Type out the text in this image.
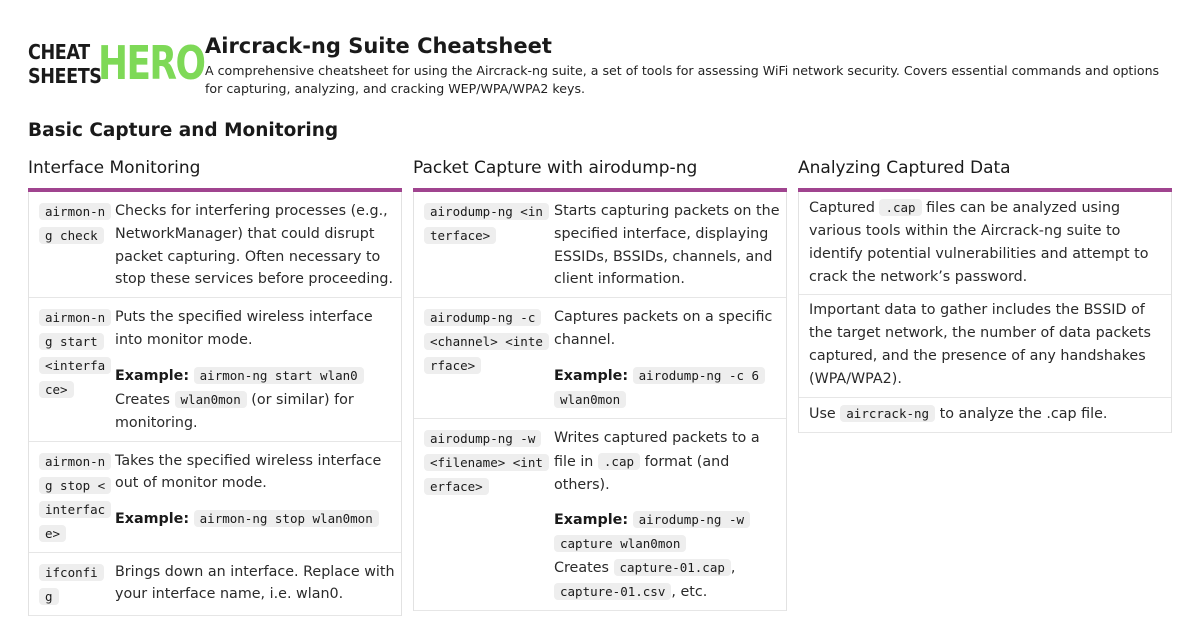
CHEAT
SHEETS
HERO Aircrack-ng Suite Cheatsheet
A comprehensive cheatsheet for using the Aircrack-ng suite, a set of tools for assessing WiFi network security. Covers essential commands and options for capturing, analyzing, and cracking WEP/WPA/WPA2 keys.
Basic Capture and Monitoring
Interface Monitoring
airmon-ng check
Checks for interfering processes (e.g., NetworkManager) that could disrupt packet capturing. Often necessary to stop these services before proceeding.
airmon-ng start <interface>
Puts the specified wireless interface into monitor mode.
Example: airmon-ng start wlan0
Creates wlan0mon (or similar) for monitoring.
airmon-ng stop <interface>
Takes the specified wireless interface out of monitor mode.
Example: airmon-ng stop wlan0mon
ifconfig
Brings down an interface. Replace with your interface name, i.e. wlan0.
Packet Capture with airodump-ng
airodump-ng <interface>
Starts capturing packets on the specified interface, displaying ESSIDs, BSSIDs, channels, and client information.
airodump-ng -c <channel> <interface>
Captures packets on a specific channel.
Example: airodump-ng -c 6 wlan0mon
airodump-ng -w <filename> <interface>
Writes captured packets to a file in .cap format (and others).
Example: airodump-ng -w capture wlan0mon
Creates capture-01.cap , capture-01.csv , etc.
Analyzing Captured Data
Captured .cap files can be analyzed using various tools within the Aircrack-ng suite to identify potential vulnerabilities and attempt to crack the network’s password.
Important data to gather includes the BSSID of the target network, the number of data packets captured, and the presence of any handshakes (WPA/WPA2).
Use aircrack-ng to analyze the .cap file.
